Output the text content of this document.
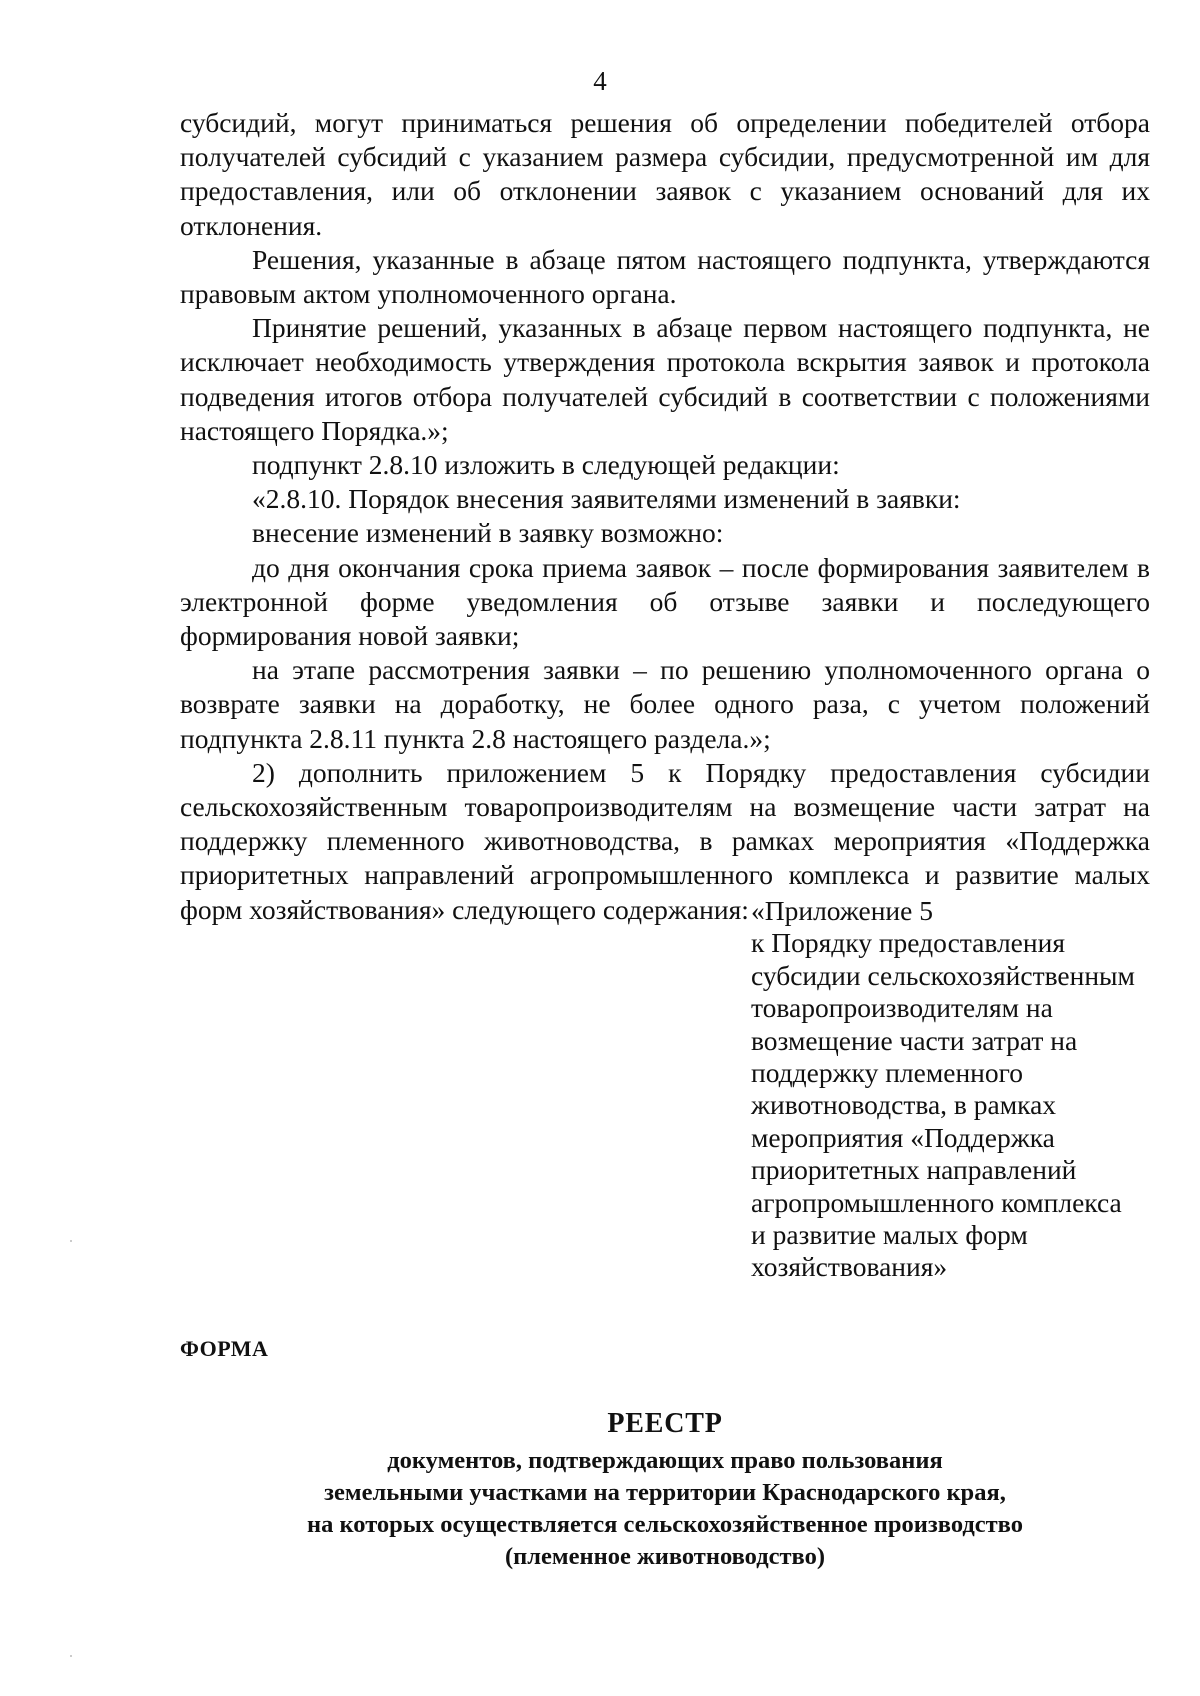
4

субсидий, могут приниматься решения об определении победителей отбора получателей субсидий с указанием размера субсидии, предусмотренной им для предоставления, или об отклонении заявок с указанием оснований для их отклонения.

Решения, указанные в абзаце пятом настоящего подпункта, утверждаются правовым актом уполномоченного органа.

Принятие решений, указанных в абзаце первом настоящего подпункта, не исключает необходимость утверждения протокола вскрытия заявок и протокола подведения итогов отбора получателей субсидий в соответствии с положениями настоящего Порядка.»;

подпункт 2.8.10 изложить в следующей редакции:

«2.8.10. Порядок внесения заявителями изменений в заявки:

внесение изменений в заявку возможно:

до дня окончания срока приема заявок – после формирования заявителем в электронной форме уведомления об отзыве заявки и последующего формирования новой заявки;

на этапе рассмотрения заявки – по решению уполномоченного органа о возврате заявки на доработку, не более одного раза, с учетом положений подпункта 2.8.11 пункта 2.8 настоящего раздела.»;

2) дополнить приложением 5 к Порядку предоставления субсидии сельскохозяйственным товаропроизводителям на возмещение части затрат на поддержку племенного животноводства, в рамках мероприятия «Поддержка приоритетных направлений агропромышленного комплекса и развитие малых форм хозяйствования» следующего содержания: «Приложение 5
к Порядку предоставления
субсидии сельскохозяйственным
товаропроизводителям на
возмещение части затрат на
поддержку племенного
животноводства, в рамках
мероприятия «Поддержка
приоритетных направлений
агропромышленного комплекса
и развитие малых форм
хозяйствования»
ФОРМА
РЕЕСТР
документов, подтверждающих право пользования
земельными участками на территории Краснодарского края,
на которых осуществляется сельскохозяйственное производство
(племенное животноводство)
